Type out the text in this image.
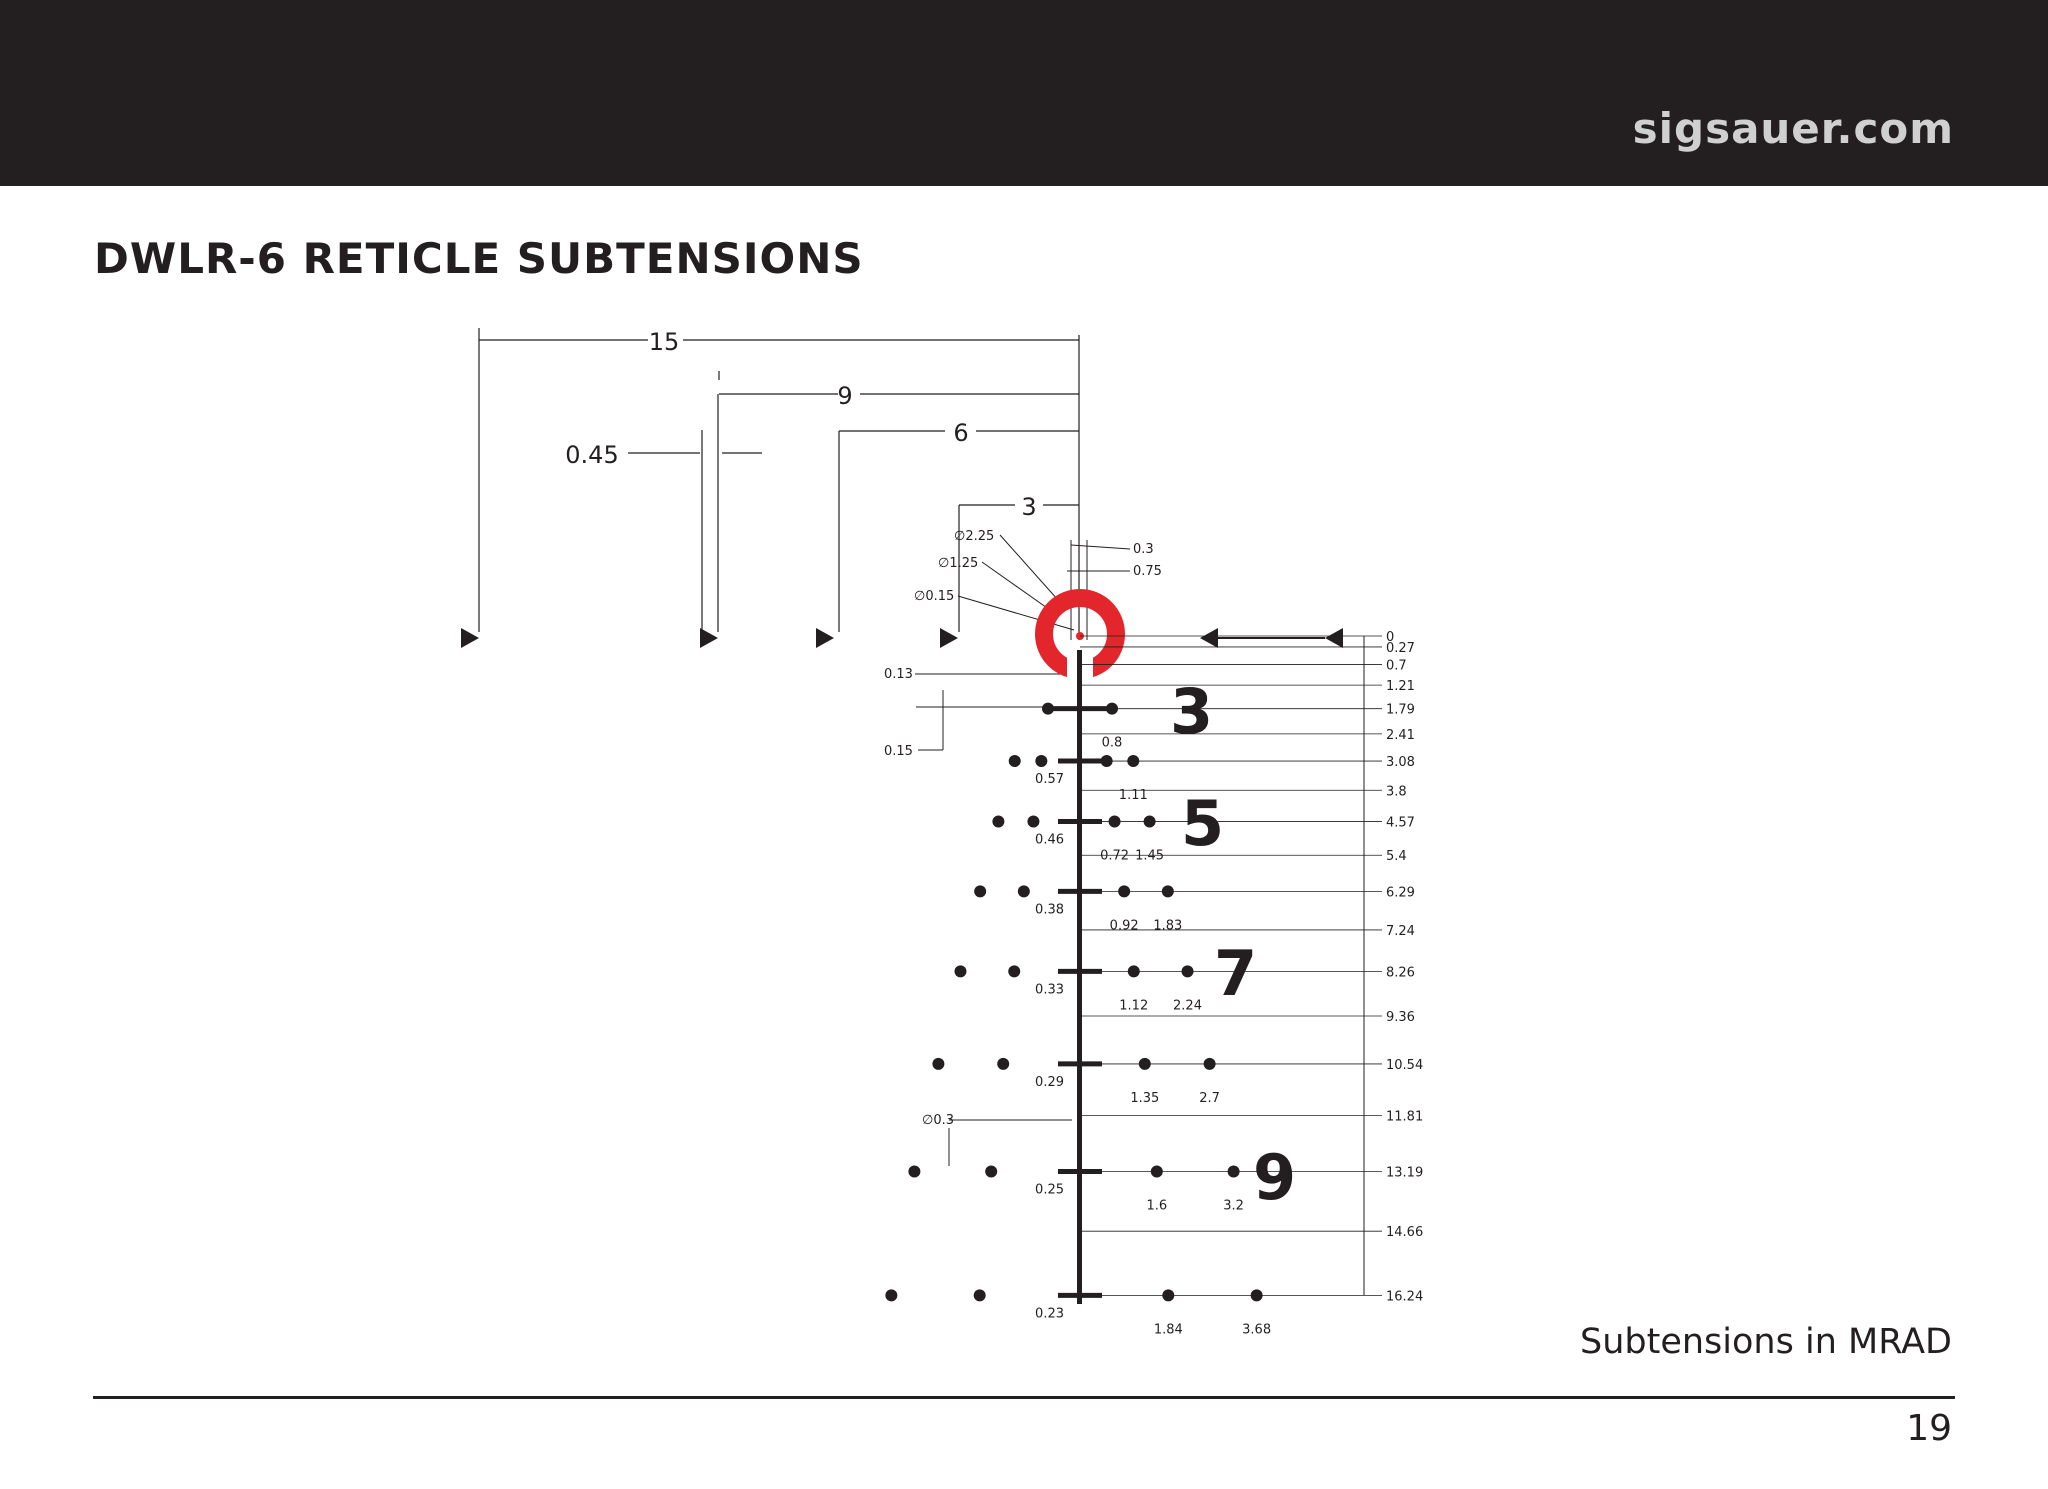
sigsauer.com
DWLR-6 RETICLE SUBTENSIONS
15
9
6
3
0.45
∅2.25
∅1.25
∅0.15
0.3
0.75
0.13
0.15
∅0.3
0
0.27
0.7
1.21
1.79
2.41
3.08
3.8
4.57
5.4
6.29
7.24
8.26
9.36
10.54
11.81
13.19
14.66
16.24
0.8
0.57
1.11
0.46
0.72 1.45
0.38
0.92 1.83
0.33
1.12 2.24
0.29
1.35	2.7
0.25
1.6	3.2
0.23
1.84	3.68
3
5
7
9
Subtensions in MRAD
19
